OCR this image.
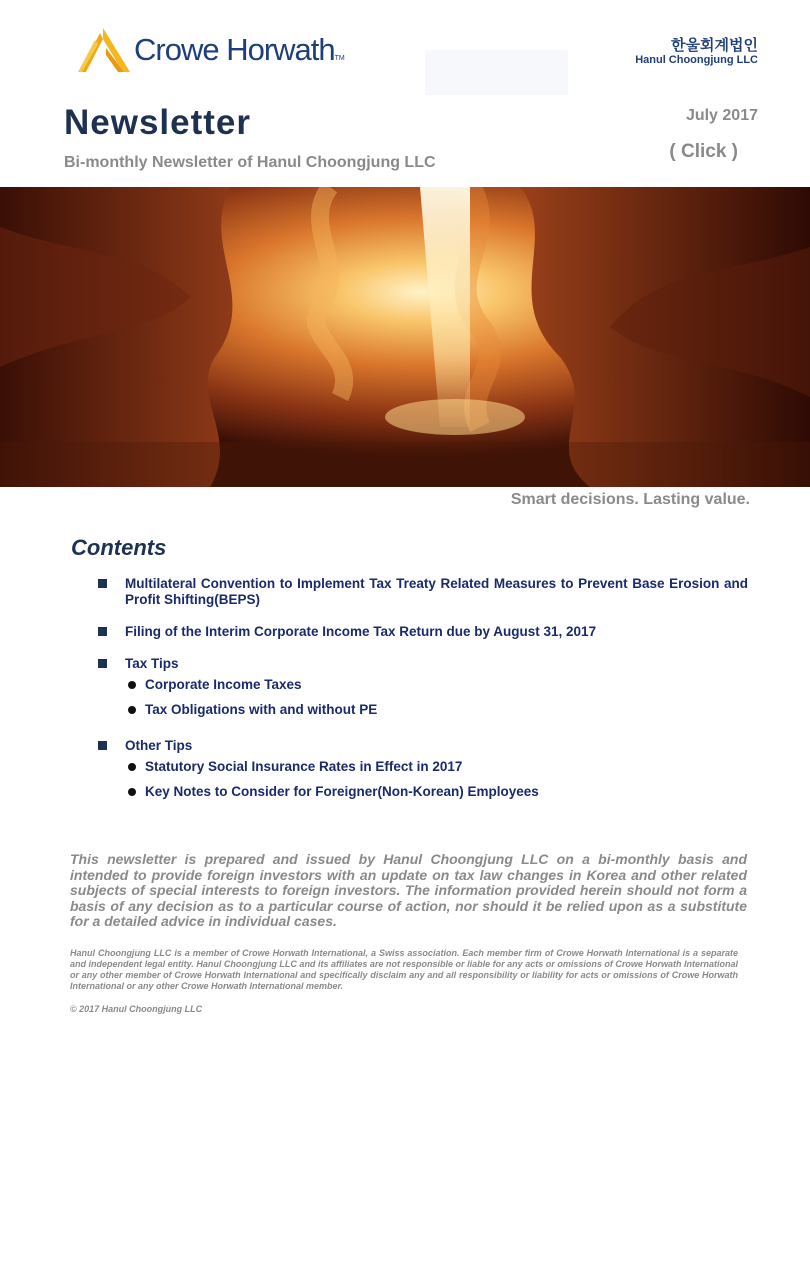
Crowe HorwathTM
한울회계법인
Hanul Choongjung LLC
Newsletter
Bi-monthly Newsletter of Hanul Choongjung LLC
July 2017
( Click )
Smart decisions. Lasting value.
Contents
Multilateral Convention to Implement Tax Treaty Related Measures to Prevent Base Erosion and Profit Shifting(BEPS)
Filing of the Interim Corporate Income Tax Return due by August 31, 2017
Tax Tips
Corporate Income Taxes
Tax Obligations with and without PE
Other Tips
Statutory Social Insurance Rates in Effect in 2017
Key Notes to Consider for Foreigner(Non-Korean) Employees
This newsletter is prepared and issued by Hanul Choongjung LLC on a bi-monthly basis and intended to provide foreign investors with an update on tax law changes in Korea and other related subjects of special interests to foreign investors. The information provided herein should not form a basis of any decision as to a particular course of action, nor should it be relied upon as a substitute for a detailed advice in individual cases.
Hanul Choongjung LLC is a member of Crowe Horwath International, a Swiss association. Each member firm of Crowe Horwath International is a separate and independent legal entity. Hanul Choongjung LLC and its affiliates are not responsible or liable for any acts or omissions of Crowe Horwath International or any other member of Crowe Horwath International and specifically disclaim any and all responsibility or liability for acts or omissions of Crowe Horwath International or any other Crowe Horwath International member.
© 2017 Hanul Choongjung LLC
